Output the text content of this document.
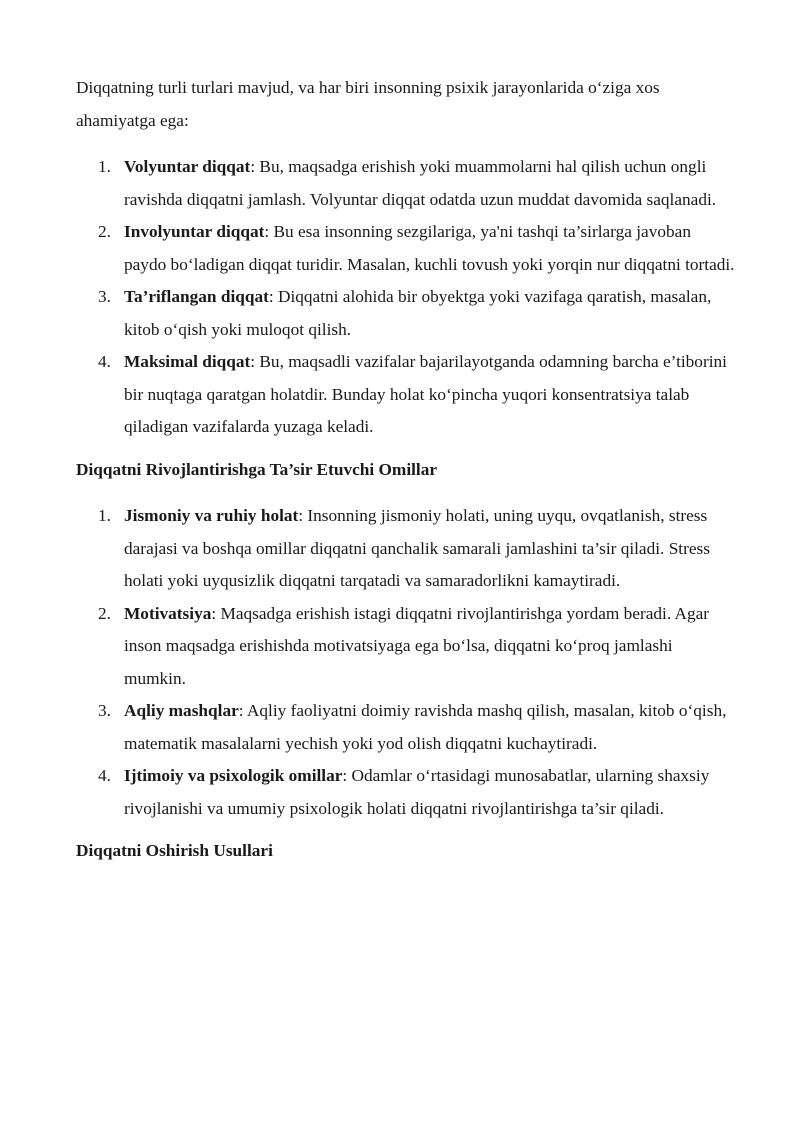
Diqqatning turli turlari mavjud, va har biri insonning psixik jarayonlarida o‘ziga xos ahamiyatga ega:

1. Volyuntar diqqat: Bu, maqsadga erishish yoki muammolarni hal qilish uchun ongli ravishda diqqatni jamlash. Volyuntar diqqat odatda uzun muddat davomida saqlanadi.
2. Involyuntar diqqat: Bu esa insonning sezgilariga, ya'ni tashqi ta’sirlarga javoban paydo bo‘ladigan diqqat turidir. Masalan, kuchli tovush yoki yorqin nur diqqatni tortadi.
3. Ta’riflangan diqqat: Diqqatni alohida bir obyektga yoki vazifaga qaratish, masalan, kitob o‘qish yoki muloqot qilish.
4. Maksimal diqqat: Bu, maqsadli vazifalar bajarilayotganda odamning barcha e’tiborini bir nuqtaga qaratgan holatdir. Bunday holat ko‘pincha yuqori konsentratsiya talab qiladigan vazifalarda yuzaga keladi.
Diqqatni Rivojlantirishga Ta’sir Etuvchi Omillar
1. Jismoniy va ruhiy holat: Insonning jismoniy holati, uning uyqu, ovqatlanish, stress darajasi va boshqa omillar diqqatni qanchalik samarali jamlashini ta’sir qiladi. Stress holati yoki uyqusizlik diqqatni tarqatadi va samaradorlikni kamaytiradi.
2. Motivatsiya: Maqsadga erishish istagi diqqatni rivojlantirishga yordam beradi. Agar inson maqsadga erishishda motivatsiyaga ega bo‘lsa, diqqatni ko‘proq jamlashi mumkin.
3. Aqliy mashqlar: Aqliy faoliyatni doimiy ravishda mashq qilish, masalan, kitob o‘qish, matematik masalalarni yechish yoki yod olish diqqatni kuchaytiradi.
4. Ijtimoiy va psixologik omillar: Odamlar o‘rtasidagi munosabatlar, ularning shaxsiy rivojlanishi va umumiy psixologik holati diqqatni rivojlantirishga ta’sir qiladi.
Diqqatni Oshirish Usullari
